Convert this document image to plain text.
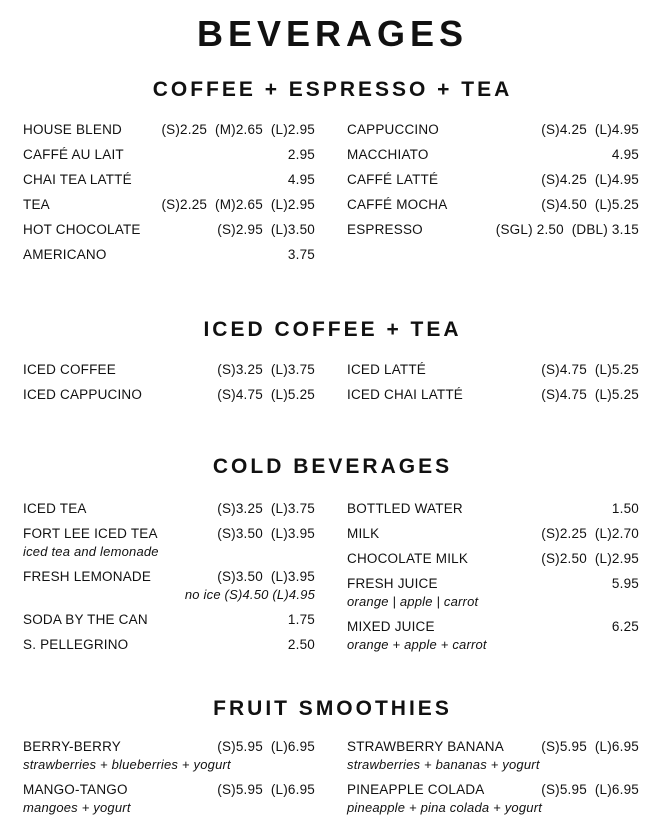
BEVERAGES
COFFEE + ESPRESSO + TEA
HOUSE BLEND	(S)2.25  (M)2.65  (L)2.95
CAFFÉ AU LAIT	2.95
CHAI TEA LATTÉ	4.95
TEA	(S)2.25  (M)2.65  (L)2.95
HOT CHOCOLATE	(S)2.95  (L)3.50
AMERICANO	3.75
CAPPUCCINO	(S)4.25  (L)4.95
MACCHIATO	4.95
CAFFÉ LATTÉ	(S)4.25  (L)4.95
CAFFÉ MOCHA	(S)4.50  (L)5.25
ESPRESSO	(SGL) 2.50  (DBL) 3.15
ICED COFFEE + TEA
ICED COFFEE	(S)3.25  (L)3.75
ICED CAPPUCINO	(S)4.75  (L)5.25
ICED LATTÉ	(S)4.75  (L)5.25
ICED CHAI LATTÉ	(S)4.75  (L)5.25
COLD BEVERAGES
ICED TEA	(S)3.25  (L)3.75
FORT LEE ICED TEA	(S)3.50  (L)3.95
iced tea and lemonade
FRESH LEMONADE	(S)3.50  (L)3.95
no ice (S)4.50 (L)4.95
SODA BY THE CAN	1.75
S. PELLEGRINO	2.50
BOTTLED WATER	1.50
MILK	(S)2.25  (L)2.70
CHOCOLATE MILK	(S)2.50  (L)2.95
FRESH JUICE	5.95
orange | apple | carrot
MIXED JUICE	6.25
orange + apple + carrot
FRUIT SMOOTHIES
BERRY-BERRY	(S)5.95  (L)6.95
strawberries + blueberries + yogurt
MANGO-TANGO	(S)5.95  (L)6.95
mangoes + yogurt
STRAWBERRY BANANA	(S)5.95  (L)6.95
strawberries + bananas + yogurt
PINEAPPLE COLADA	(S)5.95  (L)6.95
pineapple + pina colada + yogurt
